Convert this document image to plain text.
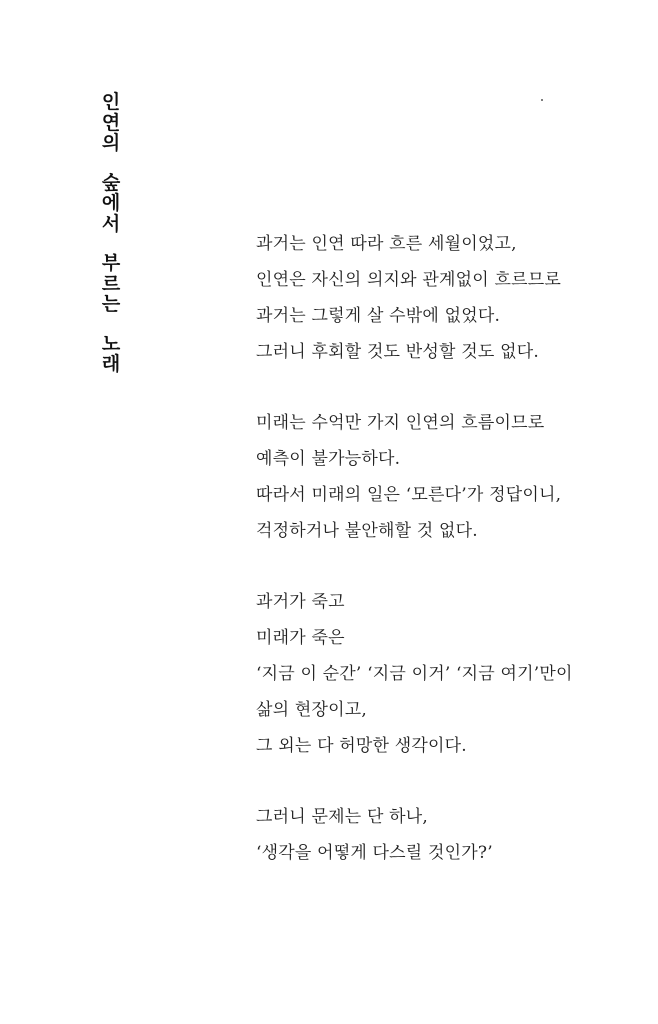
인
연
의
숲
에
서
부
르
는
노
래
과거는 인연 따라 흐른 세월이었고,
인연은 자신의 의지와 관계없이 흐르므로
과거는 그렇게 살 수밖에 없었다.
그러니 후회할 것도 반성할 것도 없다.
미래는 수억만 가지 인연의 흐름이므로
예측이 불가능하다.
따라서 미래의 일은 ‘모른다’가 정답이니,
걱정하거나 불안해할 것 없다.
과거가 죽고
미래가 죽은
‘지금 이 순간’ ‘지금 이거’ ‘지금 여기’만이
삶의 현장이고,
그 외는 다 허망한 생각이다.
그러니 문제는 단 하나,
‘생각을 어떻게 다스릴 것인가?’
